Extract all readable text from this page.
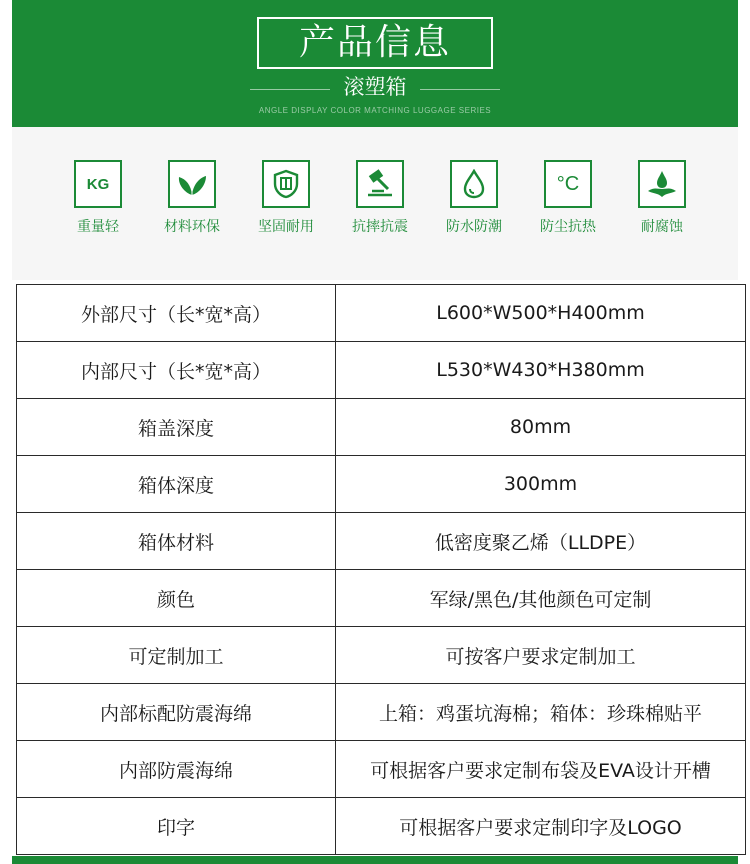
产品信息
滚塑箱
ANGLE DISPLAY COLOR MATCHING LUGGAGE SERIES
KG
重量轻	材料环保	坚固耐用	抗摔抗震	防水防潮
°C
防尘抗热	耐腐蚀
外部尺寸（长*宽*高）	L600*W500*H400mm
内部尺寸（长*宽*高）	L530*W430*H380mm
箱盖深度	80mm
箱体深度	300mm
箱体材料	低密度聚乙烯（LLDPE）
颜色	军绿/黑色/其他颜色可定制
可定制加工	可按客户要求定制加工
内部标配防震海绵	上箱：鸡蛋坑海棉；箱体：珍珠棉贴平
内部防震海绵	可根据客户要求定制布袋及EVA设计开槽
印字	可根据客户要求定制印字及LOGO
